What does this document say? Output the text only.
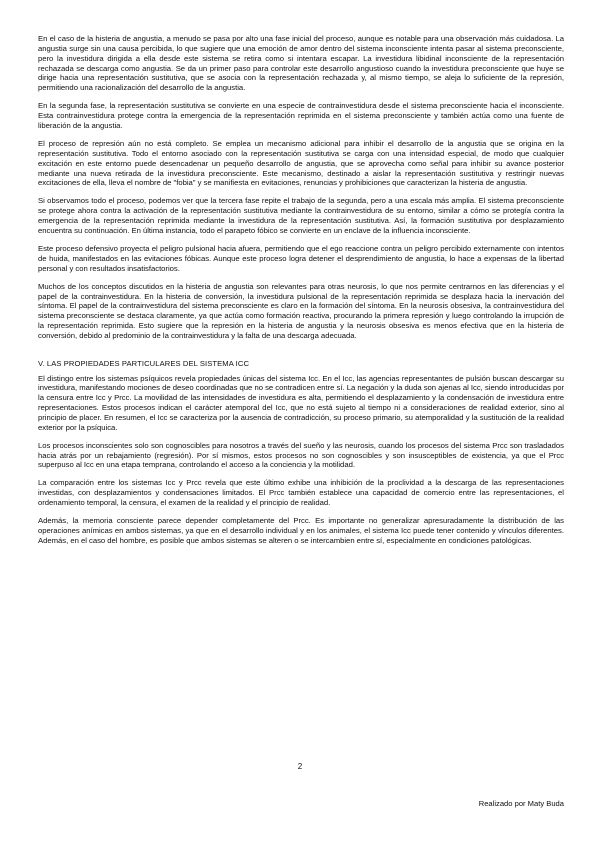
En el caso de la histeria de angustia, a menudo se pasa por alto una fase inicial del proceso, aunque es notable para una observación más cuidadosa. La angustia surge sin una causa percibida, lo que sugiere que una emoción de amor dentro del sistema inconsciente intenta pasar al sistema preconsciente, pero la investidura dirigida a ella desde este sistema se retira como si intentara escapar. La investidura libidinal inconsciente de la representación rechazada se descarga como angustia. Se da un primer paso para controlar este desarrollo angustioso cuando la investidura preconsciente que huye se dirige hacia una representación sustitutiva, que se asocia con la representación rechazada y, al mismo tiempo, se aleja lo suficiente de la represión, permitiendo una racionalización del desarrollo de la angustia.

En la segunda fase, la representación sustitutiva se convierte en una especie de contrainvestidura desde el sistema preconsciente hacia el inconsciente. Esta contrainvestidura protege contra la emergencia de la representación reprimida en el sistema preconsciente y también actúa como una fuente de liberación de la angustia.

El proceso de represión aún no está completo. Se emplea un mecanismo adicional para inhibir el desarrollo de la angustia que se origina en la representación sustitutiva. Todo el entorno asociado con la representación sustitutiva se carga con una intensidad especial, de modo que cualquier excitación en este entorno puede desencadenar un pequeño desarrollo de angustia, que se aprovecha como señal para inhibir su avance posterior mediante una nueva retirada de la investidura preconsciente. Este mecanismo, destinado a aislar la representación sustitutiva y restringir nuevas excitaciones de ella, lleva el nombre de "fobia" y se manifiesta en evitaciones, renuncias y prohibiciones que caracterizan la histeria de angustia.

Si observamos todo el proceso, podemos ver que la tercera fase repite el trabajo de la segunda, pero a una escala más amplia. El sistema preconsciente se protege ahora contra la activación de la representación sustitutiva mediante la contrainvestidura de su entorno, similar a cómo se protegía contra la emergencia de la representación reprimida mediante la investidura de la representación sustitutiva. Así, la formación sustitutiva por desplazamiento encuentra su continuación. En última instancia, todo el parapeto fóbico se convierte en un enclave de la influencia inconsciente.

Este proceso defensivo proyecta el peligro pulsional hacia afuera, permitiendo que el ego reaccione contra un peligro percibido externamente con intentos de huida, manifestados en las evitaciones fóbicas. Aunque este proceso logra detener el desprendimiento de angustia, lo hace a expensas de la libertad personal y con resultados insatisfactorios.

Muchos de los conceptos discutidos en la histeria de angustia son relevantes para otras neurosis, lo que nos permite centrarnos en las diferencias y el papel de la contrainvestidura. En la histeria de conversión, la investidura pulsional de la representación reprimida se desplaza hacia la inervación del síntoma. El papel de la contrainvestidura del sistema preconsciente es claro en la formación del síntoma. En la neurosis obsesiva, la contrainvestidura del sistema preconsciente se destaca claramente, ya que actúa como formación reactiva, procurando la primera represión y luego controlando la irrupción de la representación reprimida. Esto sugiere que la represión en la histeria de angustia y la neurosis obsesiva es menos efectiva que en la histeria de conversión, debido al predominio de la contrainvestidura y la falta de una descarga adecuada.

V. LAS PROPIEDADES PARTICULARES DEL SISTEMA ICC

El distingo entre los sistemas psíquicos revela propiedades únicas del sistema Icc. En el Icc, las agencias representantes de pulsión buscan descargar su investidura, manifestando mociones de deseo coordinadas que no se contradicen entre sí. La negación y la duda son ajenas al Icc, siendo introducidas por la censura entre Icc y Prcc. La movilidad de las intensidades de investidura es alta, permitiendo el desplazamiento y la condensación de investidura entre representaciones. Estos procesos indican el carácter atemporal del Icc, que no está sujeto al tiempo ni a consideraciones de realidad exterior, sino al principio de placer. En resumen, el Icc se caracteriza por la ausencia de contradicción, su proceso primario, su atemporalidad y la sustitución de la realidad exterior por la psíquica.

Los procesos inconscientes solo son cognoscibles para nosotros a través del sueño y las neurosis, cuando los procesos del sistema Prcc son trasladados hacia atrás por un rebajamiento (regresión). Por sí mismos, estos procesos no son cognoscibles y son insusceptibles de existencia, ya que el Prcc superpuso al Icc en una etapa temprana, controlando el acceso a la conciencia y la motilidad.

La comparación entre los sistemas Icc y Prcc revela que este último exhibe una inhibición de la proclividad a la descarga de las representaciones investidas, con desplazamientos y condensaciones limitados. El Prcc también establece una capacidad de comercio entre las representaciones, el ordenamiento temporal, la censura, el examen de la realidad y el principio de realidad.

Además, la memoria consciente parece depender completamente del Prcc. Es importante no generalizar apresuradamente la distribución de las operaciones anímicas en ambos sistemas, ya que en el desarrollo individual y en los animales, el sistema Icc puede tener contenido y vínculos diferentes. Además, en el caso del hombre, es posible que ambos sistemas se alteren o se intercambien entre sí, especialmente en condiciones patológicas.

2
Realizado por Maty Buda
